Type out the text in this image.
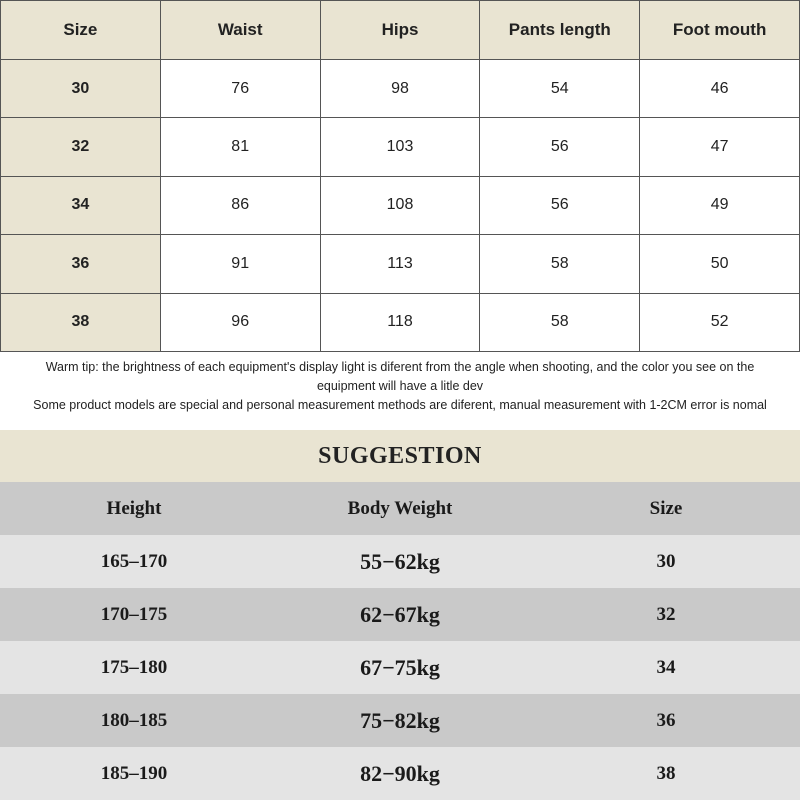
Size	Waist	Hips	Pants length	Foot mouth
30	76	98	54	46
32	81	103	56	47
34	86	108	56	49
36	91	113	58	50
38	96	118	58	52

Warm tip: the brightness of each equipment's display light is diferent from the angle when shooting, and the color you see on the equipment will have a litle dev

Some product models are special and personal measurement methods are diferent, manual measurement with 1-2CM error is nomal

SUGGESTION
Height	Body Weight	Size
165–170	55−62kg	30
170–175	62−67kg	32
175–180	67−75kg	34
180–185	75−82kg	36
185–190	82−90kg	38
